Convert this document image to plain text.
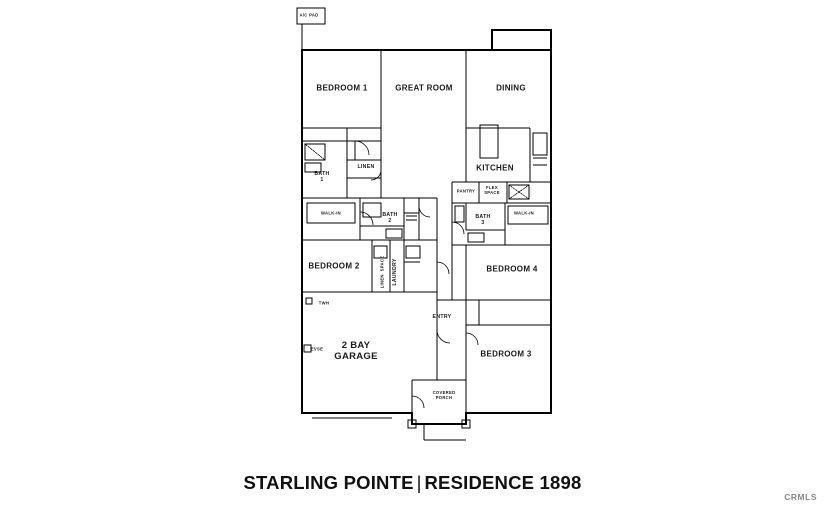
A/C PAD
BEDROOM 1	GREAT ROOM	DINING
KITCHEN
LINEN
BATH
1
PANTRY
FLEX
SPACE
WALK-IN	BATH
2
BATH
3
WALK-IN
BEDROOM 2	BEDROOM 4
LAUNDRY
LINEN  SPACE
TWH
ENTRY
EVSE	2 BAY
GARAGE	BEDROOM 3
COVERED
PORCH
STARLING POINTE | RESIDENCE 1898
CRMLS
